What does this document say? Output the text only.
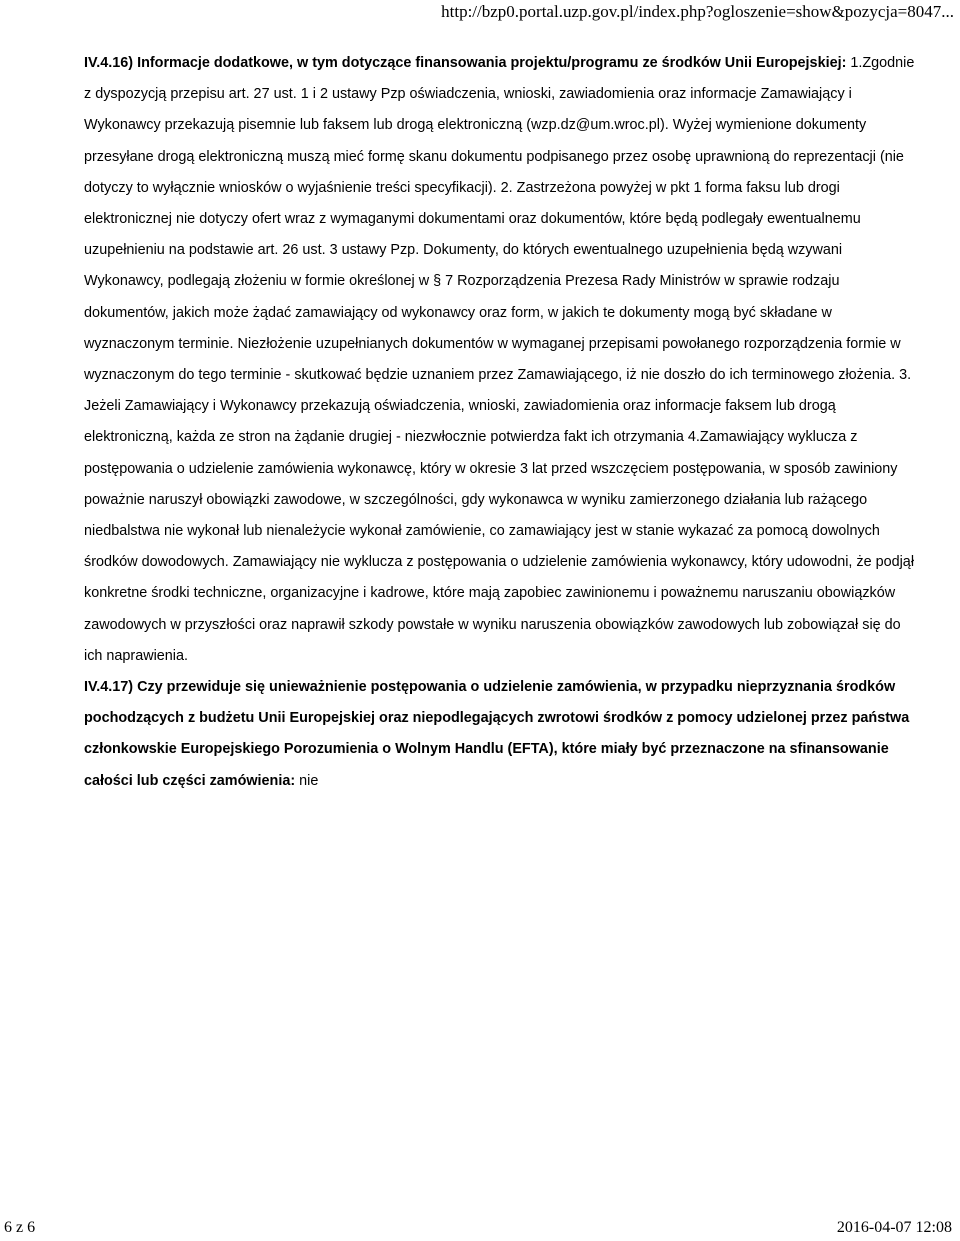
http://bzp0.portal.uzp.gov.pl/index.php?ogloszenie=show&pozycja=8047...

IV.4.16) Informacje dodatkowe, w tym dotyczące finansowania projektu/programu ze środków Unii Europejskiej: 1.Zgodnie z dyspozycją przepisu art. 27 ust. 1 i 2 ustawy Pzp oświadczenia, wnioski, zawiadomienia oraz informacje Zamawiający i Wykonawcy przekazują pisemnie lub faksem lub drogą elektroniczną (wzp.dz@um.wroc.pl). Wyżej wymienione dokumenty przesyłane drogą elektroniczną muszą mieć formę skanu dokumentu podpisanego przez osobę uprawnioną do reprezentacji (nie dotyczy to wyłącznie wniosków o wyjaśnienie treści specyfikacji). 2. Zastrzeżona powyżej w pkt 1 forma faksu lub drogi elektronicznej nie dotyczy ofert wraz z wymaganymi dokumentami oraz dokumentów, które będą podlegały ewentualnemu uzupełnieniu na podstawie art. 26 ust. 3 ustawy Pzp. Dokumenty, do których ewentualnego uzupełnienia będą wzywani Wykonawcy, podlegają złożeniu w formie określonej w § 7 Rozporządzenia Prezesa Rady Ministrów w sprawie rodzaju dokumentów, jakich może żądać zamawiający od wykonawcy oraz form, w jakich te dokumenty mogą być składane w wyznaczonym terminie. Niezłożenie uzupełnianych dokumentów w wymaganej przepisami powołanego rozporządzenia formie w wyznaczonym do tego terminie - skutkować będzie uznaniem przez Zamawiającego, iż nie doszło do ich terminowego złożenia. 3. Jeżeli Zamawiający i Wykonawcy przekazują oświadczenia, wnioski, zawiadomienia oraz informacje faksem lub drogą elektroniczną, każda ze stron na żądanie drugiej - niezwłocznie potwierdza fakt ich otrzymania 4.Zamawiający wyklucza z postępowania o udzielenie zamówienia wykonawcę, który w okresie 3 lat przed wszczęciem postępowania, w sposób zawiniony poważnie naruszył obowiązki zawodowe, w szczególności, gdy wykonawca w wyniku zamierzonego działania lub rażącego niedbalstwa nie wykonał lub nienależycie wykonał zamówienie, co zamawiający jest w stanie wykazać za pomocą dowolnych środków dowodowych. Zamawiający nie wyklucza z postępowania o udzielenie zamówienia wykonawcy, który udowodni, że podjął konkretne środki techniczne, organizacyjne i kadrowe, które mają zapobiec zawinionemu i poważnemu naruszaniu obowiązków zawodowych w przyszłości oraz naprawił szkody powstałe w wyniku naruszenia obowiązków zawodowych lub zobowiązał się do ich naprawienia.

IV.4.17) Czy przewiduje się unieważnienie postępowania o udzielenie zamówienia, w przypadku nieprzyznania środków pochodzących z budżetu Unii Europejskiej oraz niepodlegających zwrotowi środków z pomocy udzielonej przez państwa członkowskie Europejskiego Porozumienia o Wolnym Handlu (EFTA), które miały być przeznaczone na sfinansowanie całości lub części zamówienia: nie

6 z 6	2016-04-07 12:08
